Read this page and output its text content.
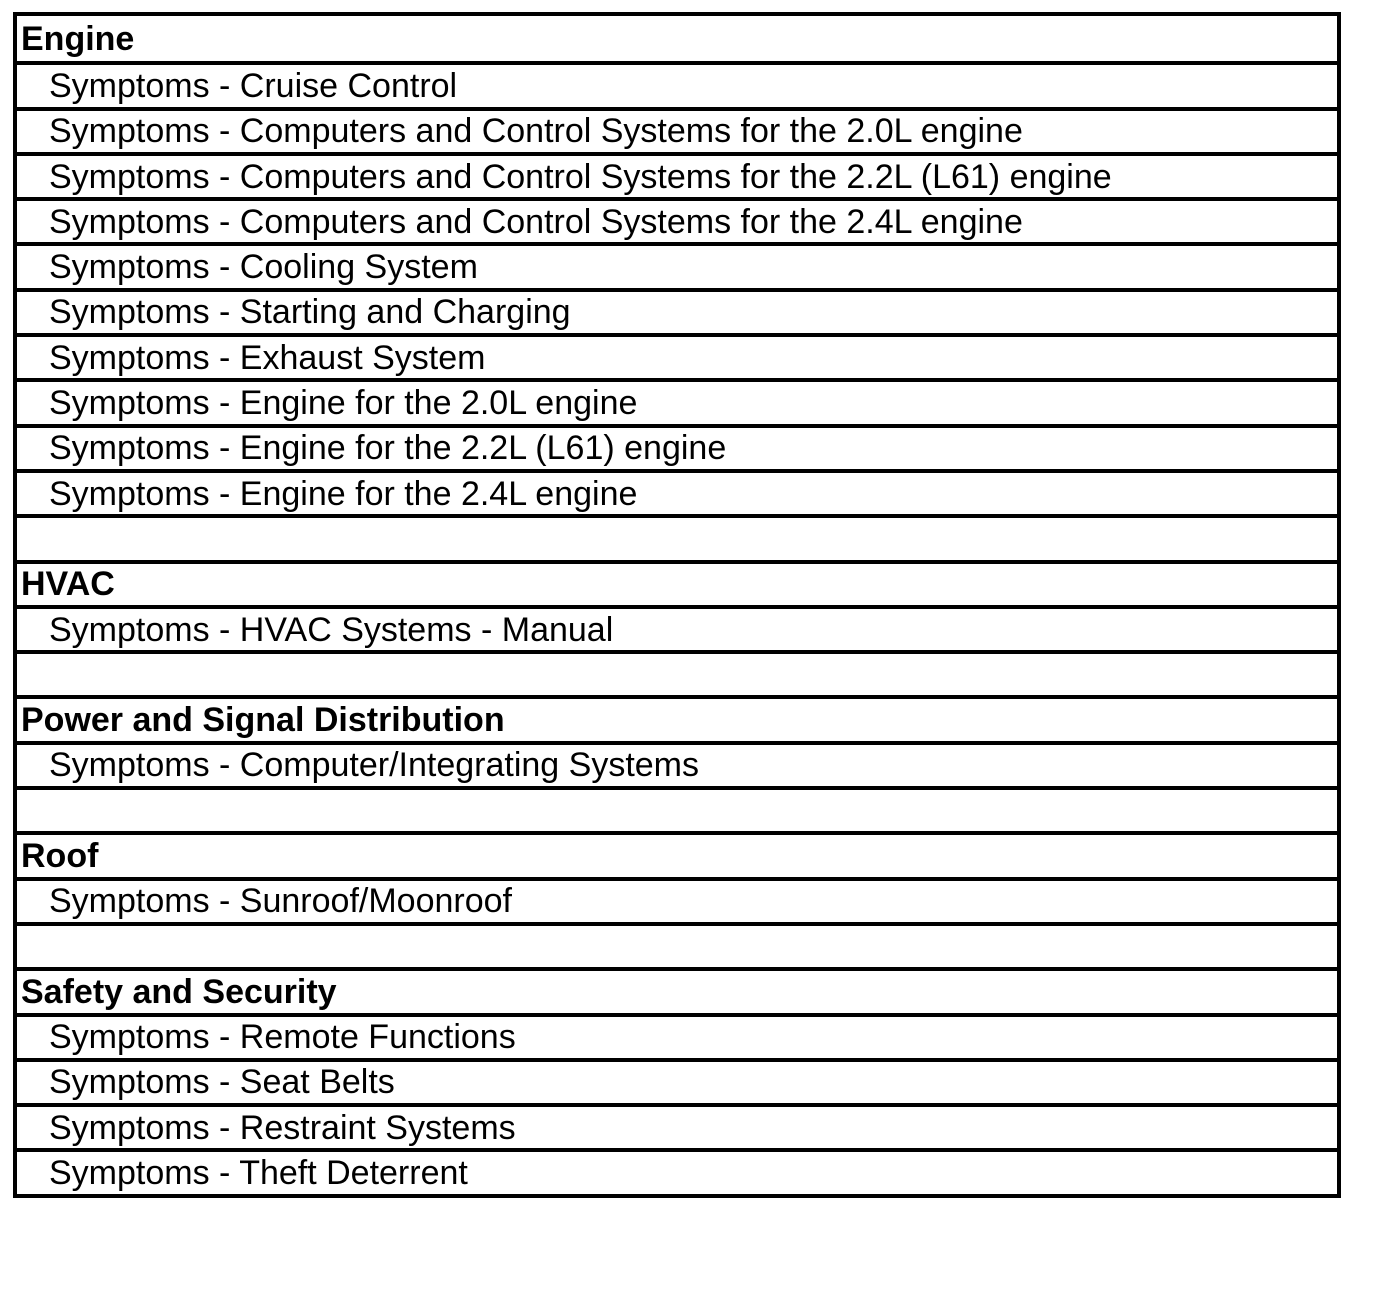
Engine
Symptoms - Cruise Control
Symptoms - Computers and Control Systems for the 2.0L engine
Symptoms - Computers and Control Systems for the 2.2L (L61) engine
Symptoms - Computers and Control Systems for the 2.4L engine
Symptoms - Cooling System
Symptoms - Starting and Charging
Symptoms - Exhaust System
Symptoms - Engine for the 2.0L engine
Symptoms - Engine for the 2.2L (L61) engine
Symptoms - Engine for the 2.4L engine
HVAC
Symptoms - HVAC Systems - Manual
Power and Signal Distribution
Symptoms - Computer/Integrating Systems
Roof
Symptoms - Sunroof/Moonroof
Safety and Security
Symptoms - Remote Functions
Symptoms - Seat Belts
Symptoms - Restraint Systems
Symptoms - Theft Deterrent
